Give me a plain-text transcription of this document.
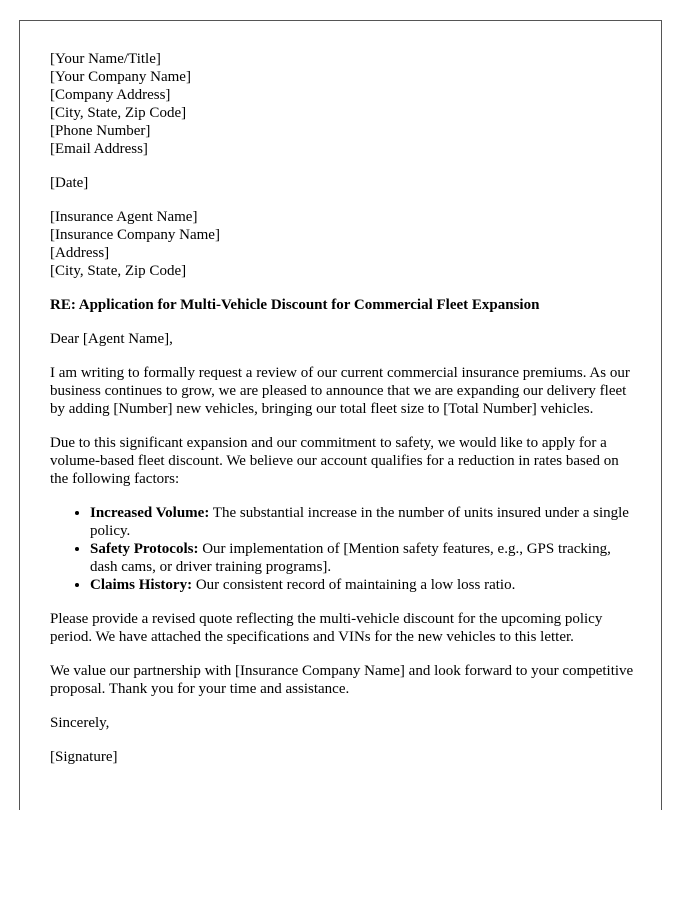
[Your Name/Title]
[Your Company Name]
[Company Address]
[City, State, Zip Code]
[Phone Number]
[Email Address]
[Date]
[Insurance Agent Name]
[Insurance Company Name]
[Address]
[City, State, Zip Code]
RE: Application for Multi-Vehicle Discount for Commercial Fleet Expansion
Dear [Agent Name],

I am writing to formally request a review of our current commercial insurance premiums. As our business continues to grow, we are pleased to announce that we are expanding our delivery fleet by adding [Number] new vehicles, bringing our total fleet size to [Total Number] vehicles.

Due to this significant expansion and our commitment to safety, we would like to apply for a volume-based fleet discount. We believe our account qualifies for a reduction in rates based on the following factors:

• Increased Volume: The substantial increase in the number of units insured under a single policy.
• Safety Protocols: Our implementation of [Mention safety features, e.g., GPS tracking, dash cams, or driver training programs].
• Claims History: Our consistent record of maintaining a low loss ratio.

Please provide a revised quote reflecting the multi-vehicle discount for the upcoming policy period. We have attached the specifications and VINs for the new vehicles to this letter.

We value our partnership with [Insurance Company Name] and look forward to your competitive proposal. Thank you for your time and assistance.

Sincerely,
[Signature]
